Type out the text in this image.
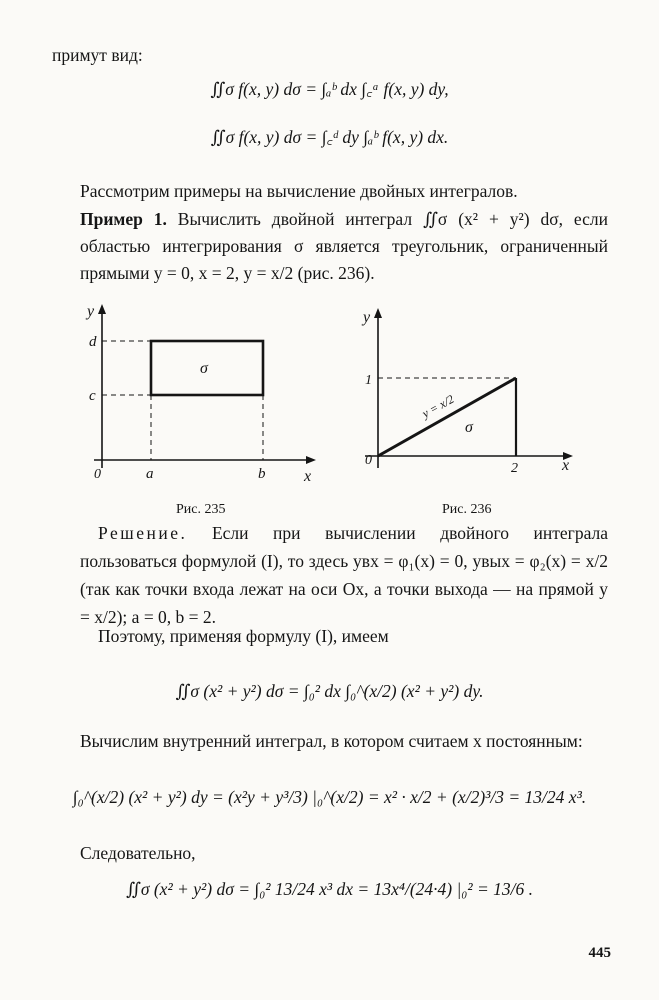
примут вид:

∬σ f(x, y) dσ = ∫ₐᵇ dx ∫꜀ᵃ f(x, y) dy,

∬σ f(x, y) dσ = ∫꜀ᵈ dy ∫ₐᵇ f(x, y) dx.

Рассмотрим примеры на вычисление двойных интегралов.

Пример 1. Вычислить двойной интеграл ∬σ (x² + y²) dσ, если областью интегрирования σ является треугольник, ограниченный прямыми y = 0, x = 2, y = x/2 (рис. 236).

y
x
0	a	b
c
d
σ
y
x
0
2
1
y = x/2
σ

Рис. 235	Рис. 236

Решение. Если при вычислении двойного интеграла пользоваться формулой (I), то здесь yвх = φ₁(x) = 0, yвых = φ₂(x) = x/2 (так как точки входа лежат на оси Ox, а точки выхода — на прямой y = x/2); a = 0, b = 2.

Поэтому, применяя формулу (I), имеем

∬σ (x² + y²) dσ = ∫₀² dx ∫₀^(x/2) (x² + y²) dy.

Вычислим внутренний интеграл, в котором считаем x постоянным:

∫₀^(x/2) (x² + y²) dy = (x²y + y³/3) |₀^(x/2) = x² · x/2 + (x/2)³/3 = 13/24 x³.

Следовательно,

∬σ (x² + y²) dσ = ∫₀² 13/24 x³ dx = 13x⁴/(24·4) |₀² = 13/6 .

445
